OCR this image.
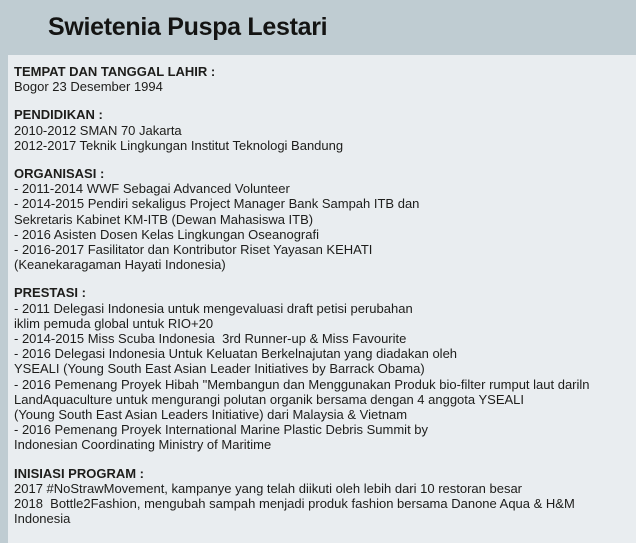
Swietenia Puspa Lestari
TEMPAT DAN TANGGAL LAHIR :
Bogor 23 Desember 1994
PENDIDIKAN :
2010-2012 SMAN 70 Jakarta
2012-2017 Teknik Lingkungan Institut Teknologi Bandung
ORGANISASI :
- 2011-2014 WWF Sebagai Advanced Volunteer
- 2014-2015 Pendiri sekaligus Project Manager Bank Sampah ITB dan
Sekretaris Kabinet KM-ITB (Dewan Mahasiswa ITB)
- 2016 Asisten Dosen Kelas Lingkungan Oseanografi
- 2016-2017 Fasilitator dan Kontributor Riset Yayasan KEHATI
(Keanekaragaman Hayati Indonesia)
PRESTASI :
- 2011 Delegasi Indonesia untuk mengevaluasi draft petisi perubahan
iklim pemuda global untuk RIO+20
- 2014-2015 Miss Scuba Indonesia  3rd Runner-up & Miss Favourite
- 2016 Delegasi Indonesia Untuk Keluatan Berkelnajutan yang diadakan oleh
YSEALI (Young South East Asian Leader Initiatives by Barrack Obama)
- 2016 Pemenang Proyek Hibah "Membangun dan Menggunakan Produk bio-filter rumput laut dariln
LandAquaculture untuk mengurangi polutan organik bersama dengan 4 anggota YSEALI
(Young South East Asian Leaders Initiative) dari Malaysia & Vietnam
- 2016 Pemenang Proyek International Marine Plastic Debris Summit by
Indonesian Coordinating Ministry of Maritime
INISIASI PROGRAM :
2017 #NoStrawMovement, kampanye yang telah diikuti oleh lebih dari 10 restoran besar
2018  Bottle2Fashion, mengubah sampah menjadi produk fashion bersama Danone Aqua & H&M
Indonesia
